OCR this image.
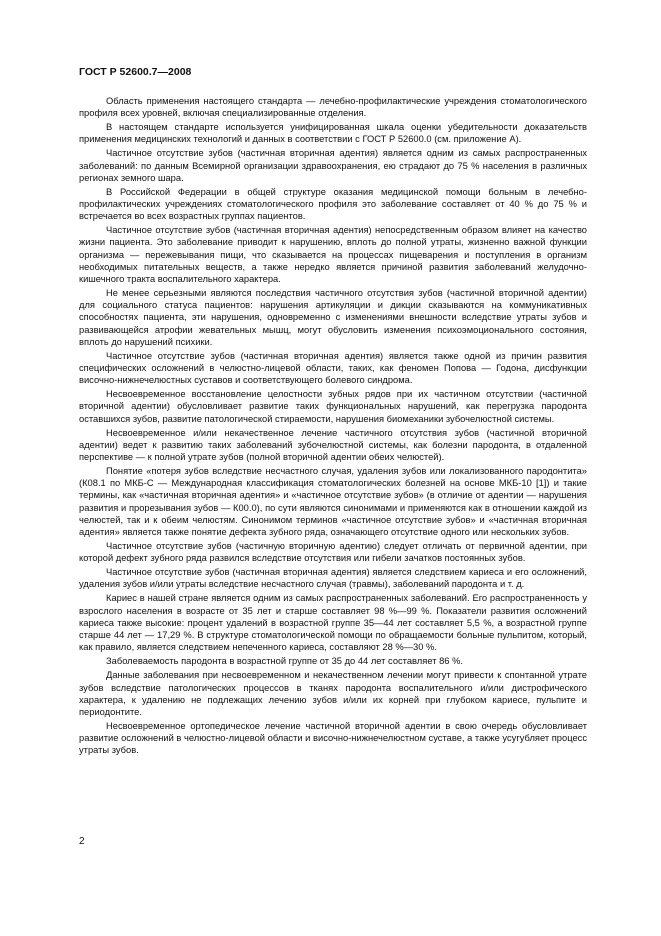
ГОСТ Р 52600.7—2008

Область применения настоящего стандарта — лечебно-профилактические учреждения стоматологического профиля всех уровней, включая специализированные отделения.

В настоящем стандарте используется унифицированная шкала оценки убедительности доказательств применения медицинских технологий и данных в соответствии с ГОСТ Р 52600.0 (см. приложение А).

Частичное отсутствие зубов (частичная вторичная адентия) является одним из самых распространенных заболеваний: по данным Всемирной организации здравоохранения, ею страдают до 75 % населения в различных регионах земного шара.

В Российской Федерации в общей структуре оказания медицинской помощи больным в лечебно-профилактических учреждениях стоматологического профиля это заболевание составляет от 40 % до 75 % и встречается во всех возрастных группах пациентов.

Частичное отсутствие зубов (частичная вторичная адентия) непосредственным образом влияет на качество жизни пациента. Это заболевание приводит к нарушению, вплоть до полной утраты, жизненно важной функции организма — пережевывания пищи, что сказывается на процессах пищеварения и поступления в организм необходимых питательных веществ, а также нередко является причиной развития заболеваний желудочно-кишечного тракта воспалительного характера.

Не менее серьезными являются последствия частичного отсутствия зубов (частичной вторичной адентии) для социального статуса пациентов: нарушения артикуляции и дикции сказываются на коммуникативных способностях пациента, эти нарушения, одновременно с изменениями внешности вследствие утраты зубов и развивающейся атрофии жевательных мышц, могут обусловить изменения психоэмоционального состояния, вплоть до нарушений психики.

Частичное отсутствие зубов (частичная вторичная адентия) является также одной из причин развития специфических осложнений в челюстно-лицевой области, таких, как феномен Попова — Годона, дисфункции височно-нижнечелюстных суставов и соответствующего болевого синдрома.

Несвоевременное восстановление целостности зубных рядов при их частичном отсутствии (частичной вторичной адентии) обусловливает развитие таких функциональных нарушений, как перегрузка пародонта оставшихся зубов, развитие патологической стираемости, нарушения биомеханики зубочелюстной системы.

Несвоевременное и/или некачественное лечение частичного отсутствия зубов (частичной вторичной адентии) ведет к развитию таких заболеваний зубочелюстной системы, как болезни пародонта, в отдаленной перспективе — к полной утрате зубов (полной вторичной адентии обеих челюстей).

Понятие «потеря зубов вследствие несчастного случая, удаления зубов или локализованного пародонтита» (К08.1 по МКБ-С — Международная классификация стоматологических болезней на основе МКБ-10 [1]) и такие термины, как «частичная вторичная адентия» и «частичное отсутствие зубов» (в отличие от адентии — нарушения развития и прорезывания зубов — К00.0), по сути являются синонимами и применяются как в отношении каждой из челюстей, так и к обеим челюстям. Синонимом терминов «частичное отсутствие зубов» и «частичная вторичная адентия» является также понятие дефекта зубного ряда, означающего отсутствие одного или нескольких зубов.

Частичное отсутствие зубов (частичную вторичную адентию) следует отличать от первичной адентии, при которой дефект зубного ряда развился вследствие отсутствия или гибели зачатков постоянных зубов.

Частичное отсутствие зубов (частичная вторичная адентия) является следствием кариеса и его осложнений, удаления зубов и/или утраты вследствие несчастного случая (травмы), заболеваний пародонта и т. д.

Кариес в нашей стране является одним из самых распространенных заболеваний. Его распространенность у взрослого населения в возрасте от 35 лет и старше составляет 98 %—99 %. Показатели развития осложнений кариеса также высокие: процент удалений в возрастной группе 35—44 лет составляет 5,5 %, а возрастной группе старше 44 лет — 17,29 %. В структуре стоматологической помощи по обращаемости больные пульпитом, который, как правило, является следствием непеченного кариеса, составляют 28 %—30 %.

Заболеваемость пародонта в возрастной группе от 35 до 44 лет составляет 86 %.

Данные заболевания при несвоевременном и некачественном лечении могут привести к спонтанной утрате зубов вследствие патологических процессов в тканях пародонта воспалительного и/или дистрофического характера, к удалению не подлежащих лечению зубов и/или их корней при глубоком кариесе, пульпите и периодонтите.

Несвоевременное ортопедическое лечение частичной вторичной адентии в свою очередь обусловливает развитие осложнений в челюстно-лицевой области и височно-нижнечелюстном суставе, а также усугубляет процесс утраты зубов.

2
